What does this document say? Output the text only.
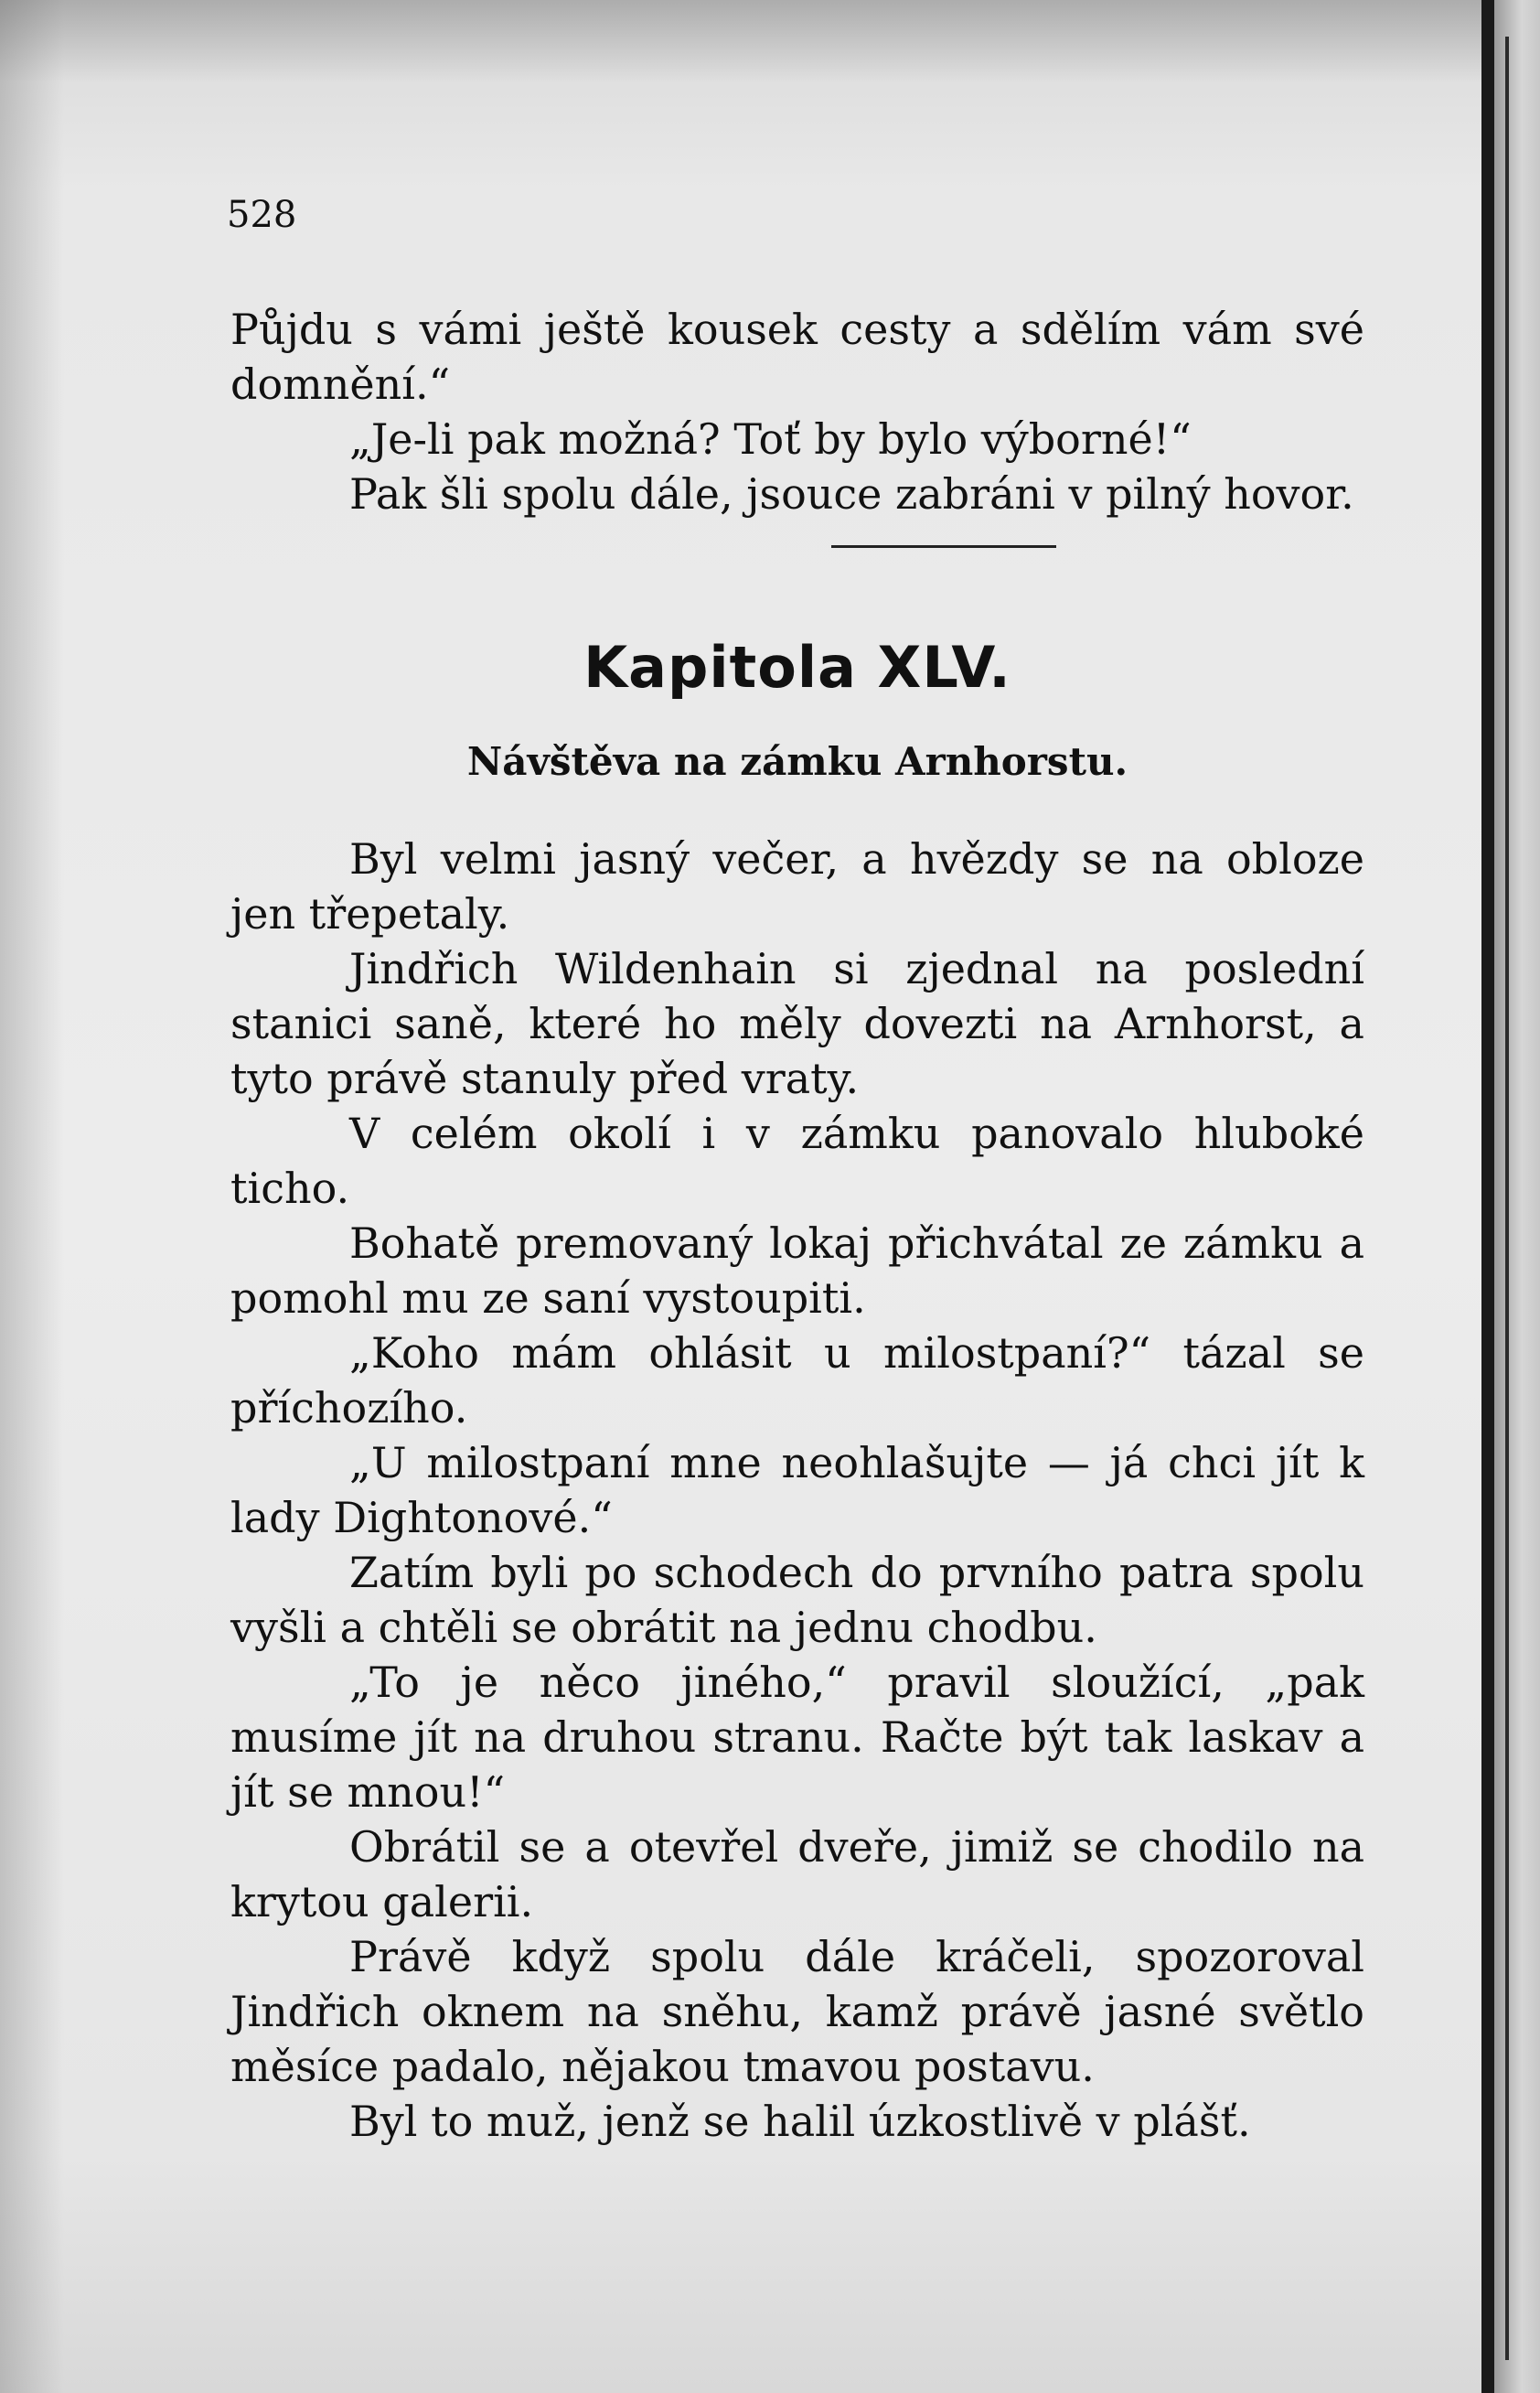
528

Půjdu s vámi ještě kousek cesty a sdělím vám své domnění.“

„Je-li pak možná? Toť by bylo výborné!“

Pak šli spolu dále, jsouce zabráni v pilný hovor.

Kapitola XLV.
Návštěva na zámku Arnhorstu.

Byl velmi jasný večer, a hvězdy se na obloze jen třepetaly.

Jindřich Wildenhain si zjednal na poslední stanici saně, které ho měly dovezti na Arnhorst, a tyto právě stanuly před vraty.

V celém okolí i v zámku panovalo hluboké ticho.

Bohatě premovaný lokaj přichvátal ze zámku a pomohl mu ze saní vystoupiti.

„Koho mám ohlásit u milostpaní?“ tázal se příchozího.

„U milostpaní mne neohlašujte — já chci jít k lady Dightonové.“

Zatím byli po schodech do prvního patra spolu vyšli a chtěli se obrátit na jednu chodbu.

„To je něco jiného,“ pravil sloužící, „pak musíme jít na druhou stranu. Račte být tak laskav a jít se mnou!“

Obrátil se a otevřel dveře, jimiž se chodilo na krytou galerii.

Právě když spolu dále kráčeli, spozoroval Jindřich oknem na sněhu, kamž právě jasné světlo měsíce padalo, nějakou tmavou postavu.

Byl to muž, jenž se halil úzkostlivě v plášť.
